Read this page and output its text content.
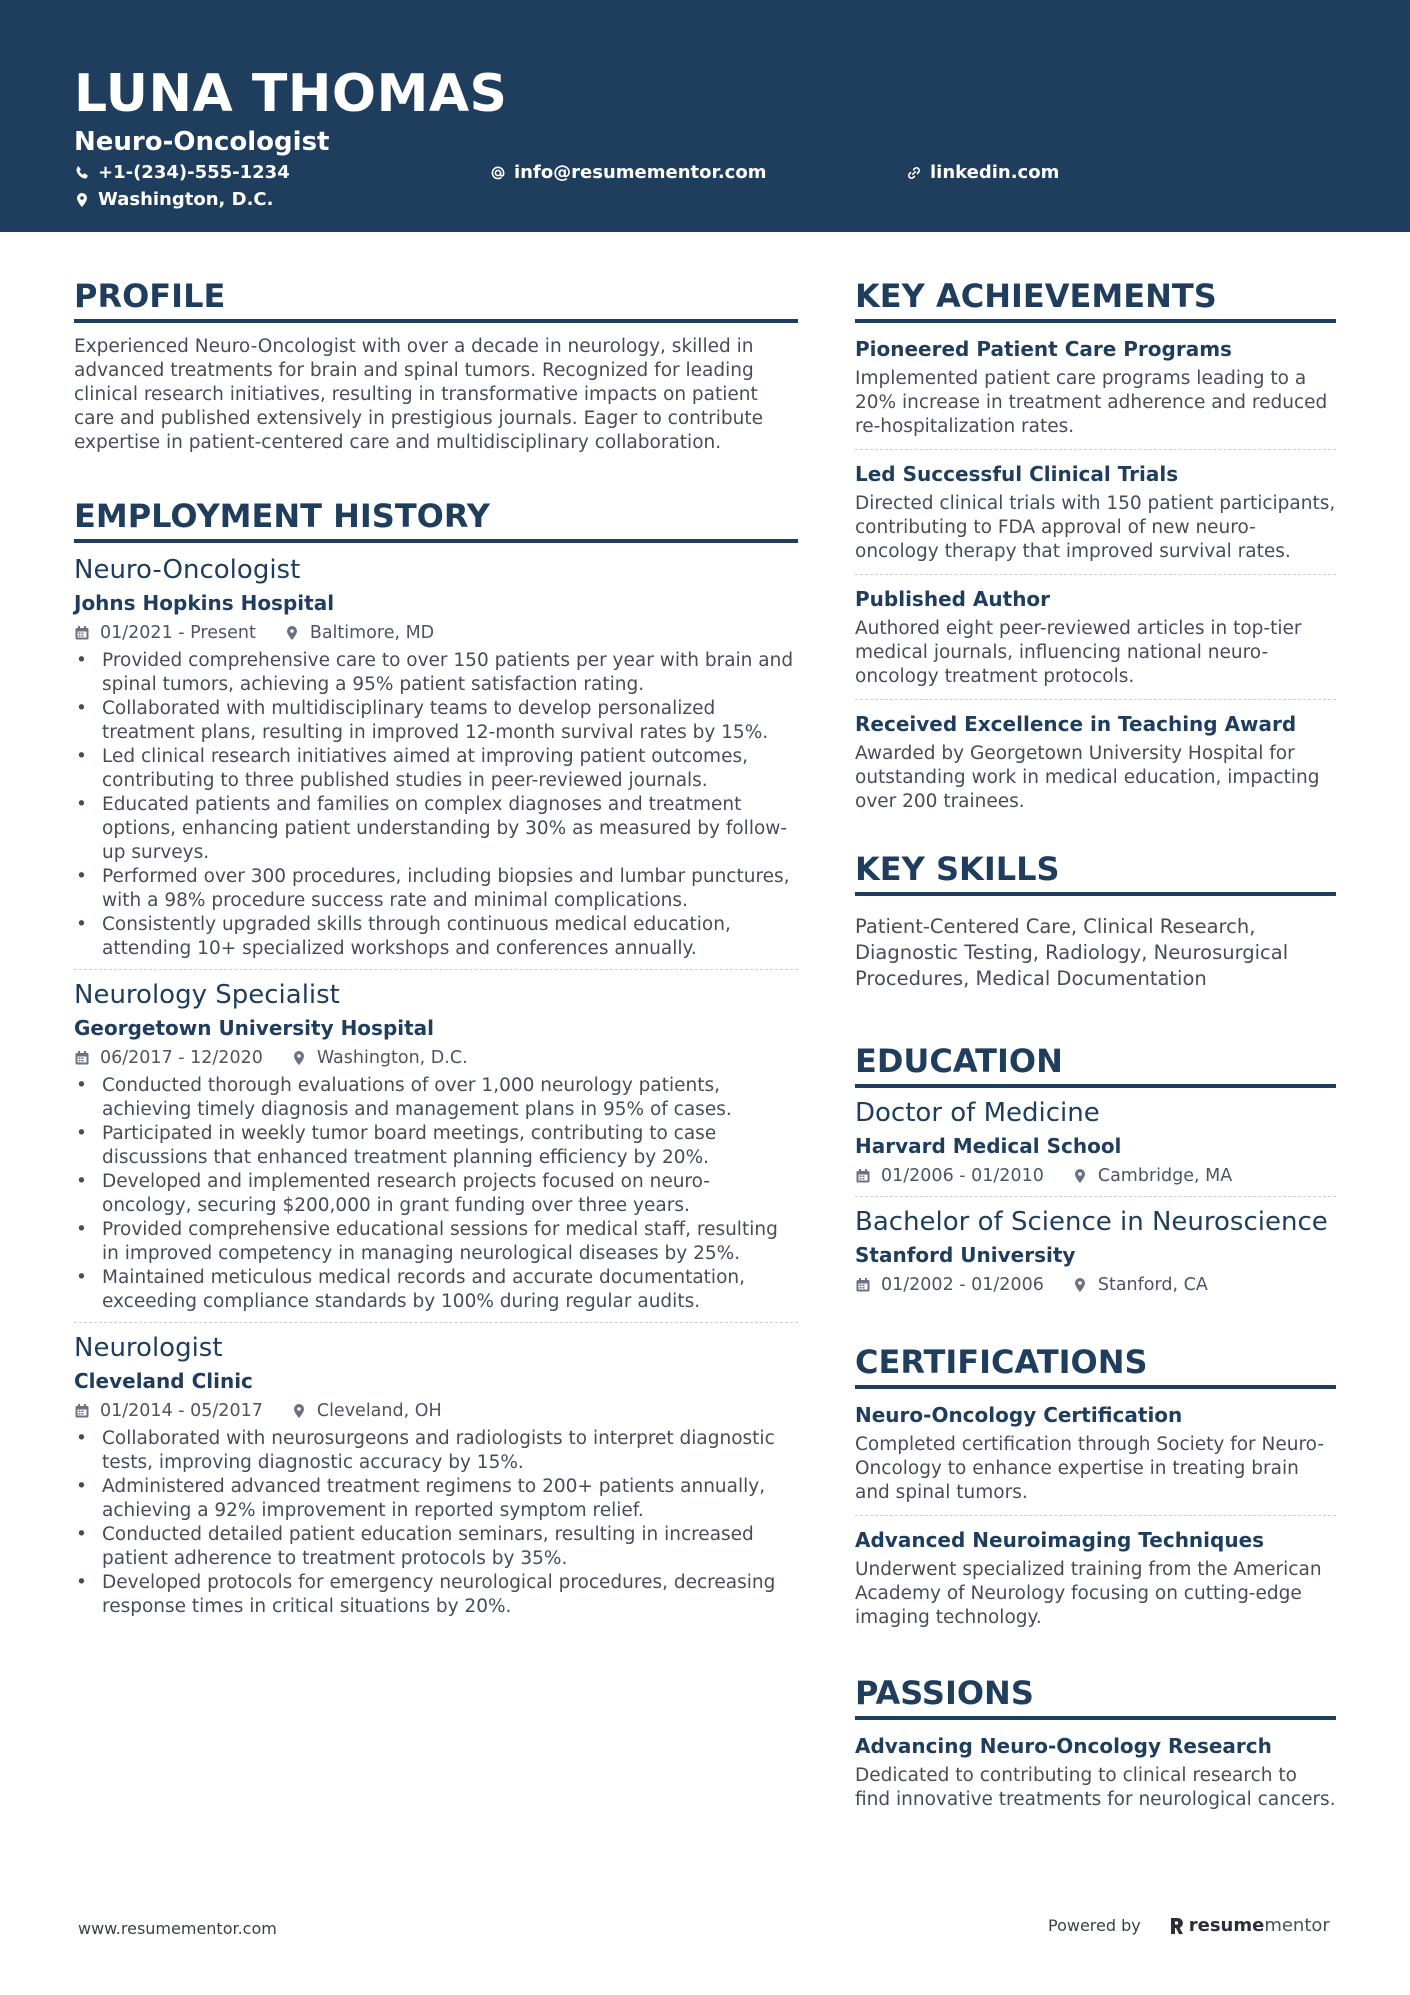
LUNA THOMAS
Neuro-Oncologist
+1-(234)-555-1234	info@resumementor.com	linkedin.com
Washington, D.C.
PROFILE

Experienced Neuro-Oncologist with over a decade in neurology, skilled in advanced treatments for brain and spinal tumors. Recognized for leading clinical research initiatives, resulting in transformative impacts on patient care and published extensively in prestigious journals. Eager to contribute expertise in patient-centered care and multidisciplinary collaboration.

EMPLOYMENT HISTORY
Neuro-Oncologist
Johns Hopkins Hospital
01/2021 - Present	Baltimore, MD
• Provided comprehensive care to over 150 patients per year with brain and spinal tumors, achieving a 95% patient satisfaction rating.
• Collaborated with multidisciplinary teams to develop personalized treatment plans, resulting in improved 12-month survival rates by 15%.
• Led clinical research initiatives aimed at improving patient outcomes, contributing to three published studies in peer-reviewed journals.
• Educated patients and families on complex diagnoses and treatment options, enhancing patient understanding by 30% as measured by follow-up surveys.
• Performed over 300 procedures, including biopsies and lumbar punctures, with a 98% procedure success rate and minimal complications.
• Consistently upgraded skills through continuous medical education, attending 10+ specialized workshops and conferences annually.
Neurology Specialist
Georgetown University Hospital
06/2017 - 12/2020	Washington, D.C.
• Conducted thorough evaluations of over 1,000 neurology patients, achieving timely diagnosis and management plans in 95% of cases.
• Participated in weekly tumor board meetings, contributing to case discussions that enhanced treatment planning efficiency by 20%.
• Developed and implemented research projects focused on neuro-oncology, securing $200,000 in grant funding over three years.
• Provided comprehensive educational sessions for medical staff, resulting in improved competency in managing neurological diseases by 25%.
• Maintained meticulous medical records and accurate documentation, exceeding compliance standards by 100% during regular audits.
Neurologist
Cleveland Clinic
01/2014 - 05/2017	Cleveland, OH
• Collaborated with neurosurgeons and radiologists to interpret diagnostic tests, improving diagnostic accuracy by 15%.
• Administered advanced treatment regimens to 200+ patients annually, achieving a 92% improvement in reported symptom relief.
• Conducted detailed patient education seminars, resulting in increased patient adherence to treatment protocols by 35%.
• Developed protocols for emergency neurological procedures, decreasing response times in critical situations by 20%.
KEY ACHIEVEMENTS
Pioneered Patient Care Programs
Implemented patient care programs leading to a 20% increase in treatment adherence and reduced re-hospitalization rates.
Led Successful Clinical Trials
Directed clinical trials with 150 patient participants, contributing to FDA approval of new neuro-oncology therapy that improved survival rates.
Published Author
Authored eight peer-reviewed articles in top-tier medical journals, influencing national neuro-oncology treatment protocols.
Received Excellence in Teaching Award
Awarded by Georgetown University Hospital for outstanding work in medical education, impacting over 200 trainees.
KEY SKILLS

Patient-Centered Care, Clinical Research, Diagnostic Testing, Radiology, Neurosurgical Procedures, Medical Documentation

EDUCATION
Doctor of Medicine
Harvard Medical School
01/2006 - 01/2010	Cambridge, MA
Bachelor of Science in Neuroscience
Stanford University
01/2002 - 01/2006	Stanford, CA
CERTIFICATIONS
Neuro-Oncology Certification
Completed certification through Society for Neuro-Oncology to enhance expertise in treating brain and spinal tumors.
Advanced Neuroimaging Techniques
Underwent specialized training from the American Academy of Neurology focusing on cutting-edge imaging technology.
PASSIONS
Advancing Neuro-Oncology Research
Dedicated to contributing to clinical research to find innovative treatments for neurological cancers.
www.resumementor.com	Powered by	resume mentor
